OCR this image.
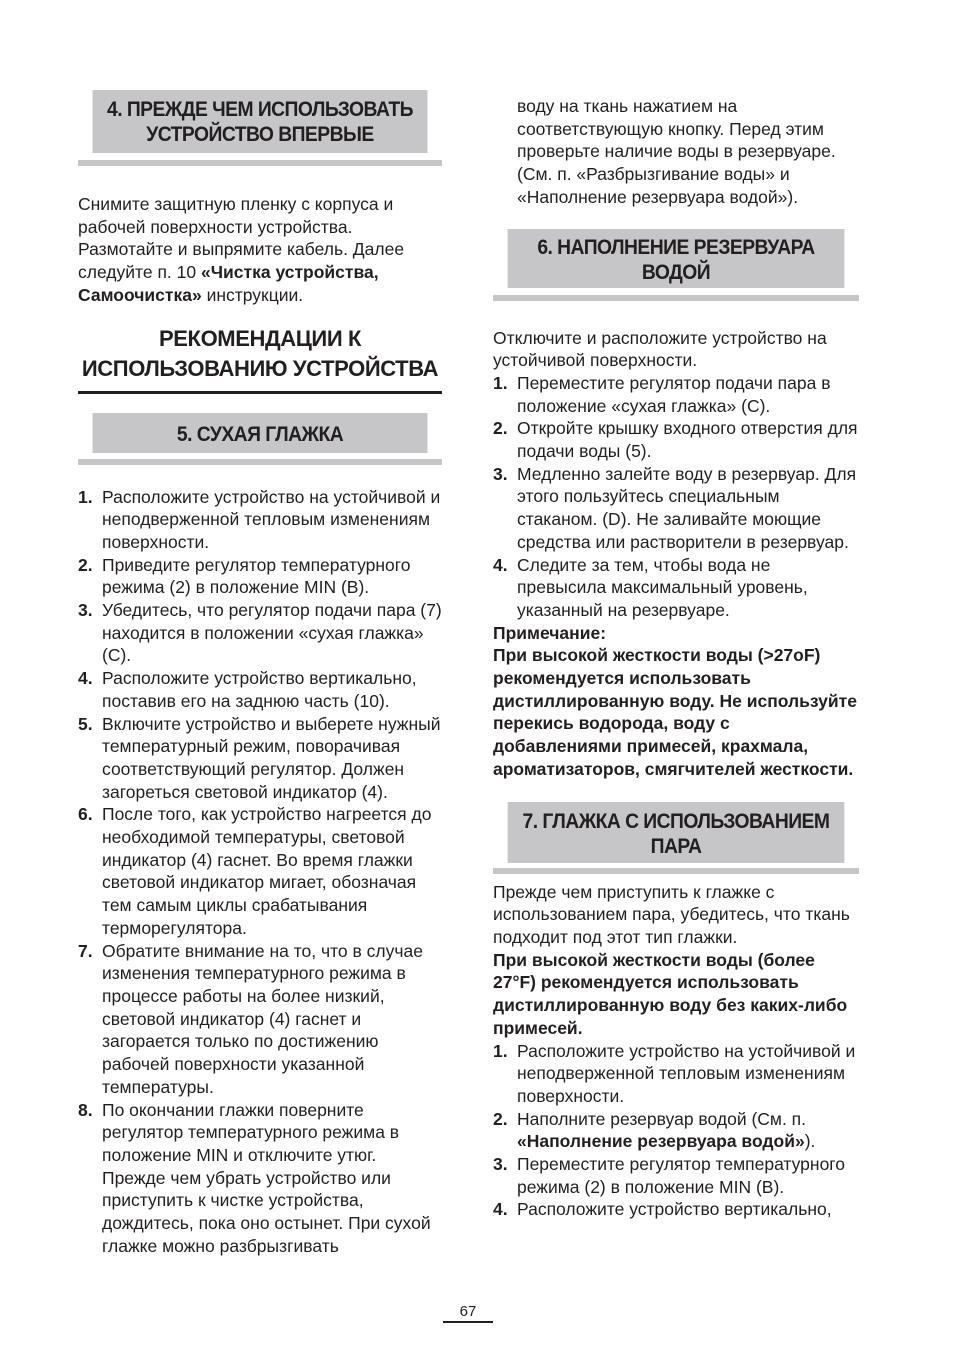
4. ПРЕЖДЕ ЧЕМ ИСПОЛЬЗОВАТЬ
УСТРОЙСТВО ВПЕРВЫЕ

Снимите защитную пленку с корпуса и рабочей поверхности устройства. Размотайте и выпрямите кабель. Далее следуйте п. 10 «Чистка устройства, Самоочистка» инструкции.

РЕКОМЕНДАЦИИ К
ИСПОЛЬЗОВАНИЮ УСТРОЙСТВА
5. СУХАЯ ГЛАЖКА
1. Расположите устройство на устойчивой и неподверженной тепловым изменениям поверхности.
2. Приведите регулятор температурного режима (2) в положение MIN (B).
3. Убедитесь, что регулятор подачи пара (7) находится в положении «сухая глажка» (C).
4. Расположите устройство вертикально, поставив его на заднюю часть (10).
5. Включите устройство и выберете нужный температурный режим, поворачивая соответствующий регулятор. Должен загореться световой индикатор (4).
6. После того, как устройство нагреется до необходимой температуры, световой индикатор (4) гаснет. Во время глажки световой индикатор мигает, обозначая тем самым циклы срабатывания терморегулятора.
7. Обратите внимание на то, что в случае изменения температурного режима в процессе работы на более низкий, световой индикатор (4) гаснет и загорается только по достижению рабочей поверхности указанной температуры.
8. По окончании глажки поверните регулятор температурного режима в положение MIN и отключите утюг. Прежде чем убрать устройство или приступить к чистке устройства, дождитесь, пока оно остынет. При сухой глажке можно разбрызгивать

воду на ткань нажатием на соответствующую кнопку. Перед этим проверьте наличие воды в резервуаре. (См. п. «Разбрызгивание воды» и «Наполнение резервуара водой»).

6. НАПОЛНЕНИЕ РЕЗЕРВУАРА
ВОДОЙ

Отключите и расположите устройство на устойчивой поверхности.

1. Переместите регулятор подачи пара в положение «сухая глажка» (C).
2. Откройте крышку входного отверстия для подачи воды (5).
3. Медленно залейте воду в резервуар. Для этого пользуйтесь специальным стаканом. (D). Не заливайте моющие средства или растворители в резервуар.
4. Следите за тем, чтобы вода не превысила максимальный уровень, указанный на резервуаре.

Примечание:

При высокой жесткости воды (>27oF) рекомендуется использовать дистиллированную воду. Не используйте перекись водорода, воду с добавлениями примесей, крахмала, ароматизаторов, смягчителей жесткости.

7. ГЛАЖКА С ИСПОЛЬЗОВАНИЕМ ПАРА

Прежде чем приступить к глажке с использованием пара, убедитесь, что ткань подходит под этот тип глажки.

При высокой жесткости воды (более 27°F) рекомендуется использовать дистиллированную воду без каких-либо примесей.

1. Расположите устройство на устойчивой и неподверженной тепловым изменениям поверхности.
2. Наполните резервуар водой (См. п. «Наполнение резервуара водой»).
3. Переместите регулятор температурного режима (2) в положение MIN (B).
4. Расположите устройство вертикально,
67
